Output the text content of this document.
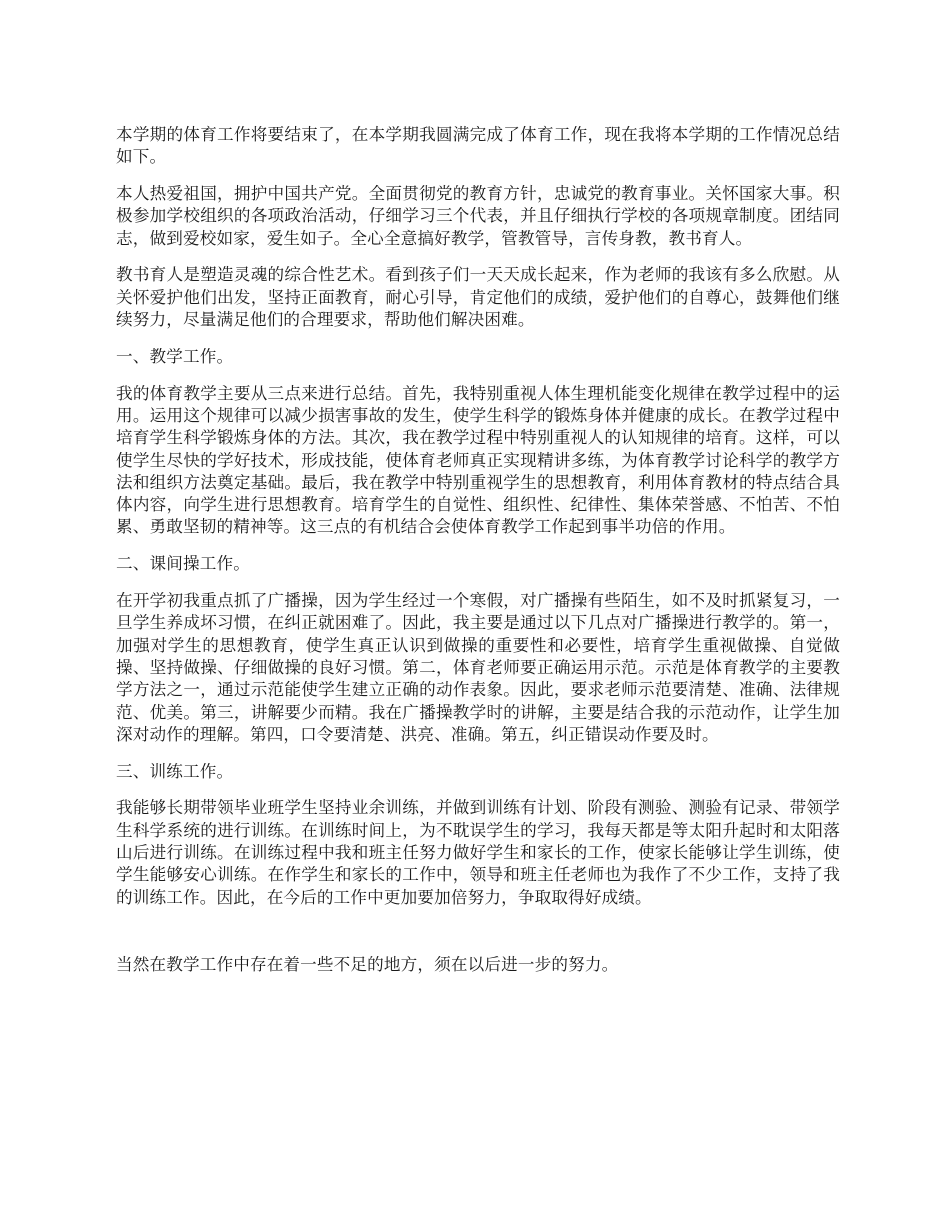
本学期的体育工作将要结束了，在本学期我圆满完成了体育工作，现在我将本学期的工作情况总结如下。

本人热爱祖国，拥护中国共产党。全面贯彻党的教育方针，忠诚党的教育事业。关怀国家大事。积极参加学校组织的各项政治活动，仔细学习三个代表，并且仔细执行学校的各项规章制度。团结同志，做到爱校如家，爱生如子。全心全意搞好教学，管教管导，言传身教，教书育人。

教书育人是塑造灵魂的综合性艺术。看到孩子们一天天成长起来，作为老师的我该有多么欣慰。从关怀爱护他们出发，坚持正面教育，耐心引导，肯定他们的成绩，爱护他们的自尊心，鼓舞他们继续努力，尽量满足他们的合理要求，帮助他们解决困难。

一、教学工作。

我的体育教学主要从三点来进行总结。首先，我特别重视人体生理机能变化规律在教学过程中的运用。运用这个规律可以减少损害事故的发生，使学生科学的锻炼身体并健康的成长。在教学过程中培育学生科学锻炼身体的方法。其次，我在教学过程中特别重视人的认知规律的培育。这样，可以使学生尽快的学好技术，形成技能，使体育老师真正实现精讲多练，为体育教学讨论科学的教学方法和组织方法奠定基础。最后，我在教学中特别重视学生的思想教育，利用体育教材的特点结合具体内容，向学生进行思想教育。培育学生的自觉性、组织性、纪律性、集体荣誉感、不怕苦、不怕累、勇敢坚韧的精神等。这三点的有机结合会使体育教学工作起到事半功倍的作用。

二、课间操工作。

在开学初我重点抓了广播操，因为学生经过一个寒假，对广播操有些陌生，如不及时抓紧复习，一旦学生养成坏习惯，在纠正就困难了。因此，我主要是通过以下几点对广播操进行教学的。第一，加强对学生的思想教育，使学生真正认识到做操的重要性和必要性，培育学生重视做操、自觉做操、坚持做操、仔细做操的良好习惯。第二，体育老师要正确运用示范。示范是体育教学的主要教学方法之一，通过示范能使学生建立正确的动作表象。因此，要求老师示范要清楚、准确、法律规范、优美。第三，讲解要少而精。我在广播操教学时的讲解，主要是结合我的示范动作，让学生加深对动作的理解。第四，口令要清楚、洪亮、准确。第五，纠正错误动作要及时。

三、训练工作。

我能够长期带领毕业班学生坚持业余训练，并做到训练有计划、阶段有测验、测验有记录、带领学生科学系统的进行训练。在训练时间上，为不耽误学生的学习，我每天都是等太阳升起时和太阳落山后进行训练。在训练过程中我和班主任努力做好学生和家长的工作，使家长能够让学生训练，使学生能够安心训练。在作学生和家长的工作中，领导和班主任老师也为我作了不少工作，支持了我的训练工作。因此，在今后的工作中更加要加倍努力，争取取得好成绩。

当然在教学工作中存在着一些不足的地方，须在以后进一步的努力。
